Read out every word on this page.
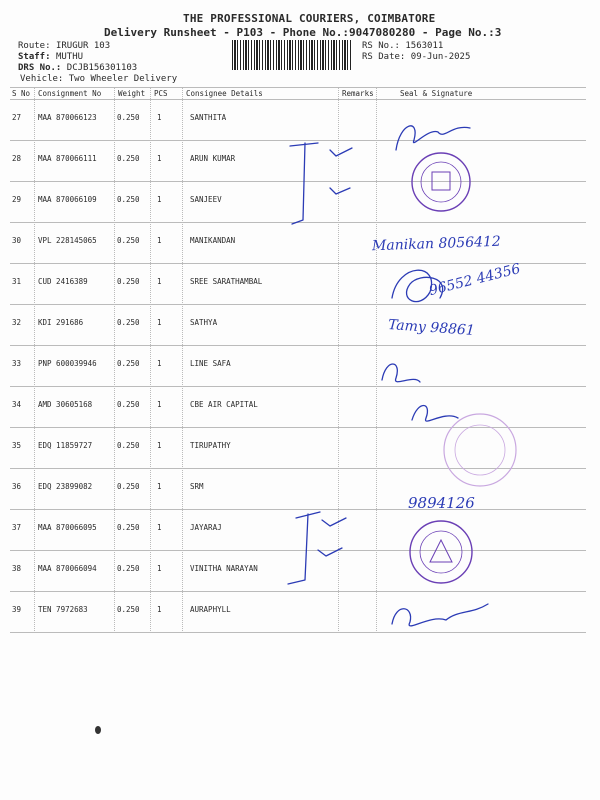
THE PROFESSIONAL COURIERS, COIMBATORE
Delivery Runsheet - P103 - Phone No.:9047080280 - Page No.:3
Route: IRUGUR 103
Staff: MUTHU
DRS No.: DCJB156301103
Vehicle: Two Wheeler Delivery
RS No.: 1563011
RS Date: 09-Jun-2025
S No Consignment No Weight PCS Consignee Details	Remarks	Seal & Signature
27 MAA 870066123	0.250 1	SANTHITA
28 MAA 870066111	0.250 1	ARUN KUMAR
29 MAA 870066109	0.250 1	SANJEEV
30 VPL 228145065	0.250 1	MANIKANDAN
31 CUD 2416389	0.250 1	SREE SARATHAMBAL
32 KDI 291686	0.250 1	SATHYA
33 PNP 600039946	0.250 1	LINE SAFA
34 AMD 30605168	0.250 1	CBE AIR CAPITAL
35 EDQ 11859727	0.250 1	TIRUPATHY
36 EDQ 23899082	0.250 1	SRM
37 MAA 870066095	0.250 1	JAYARAJ
38 MAA 870066094	0.250 1	VINITHA NARAYAN
39 TEN 7972683	0.250 1	AURAPHYLL
Manikan 8056412
96552 44356
Tamy 98861
9894126
